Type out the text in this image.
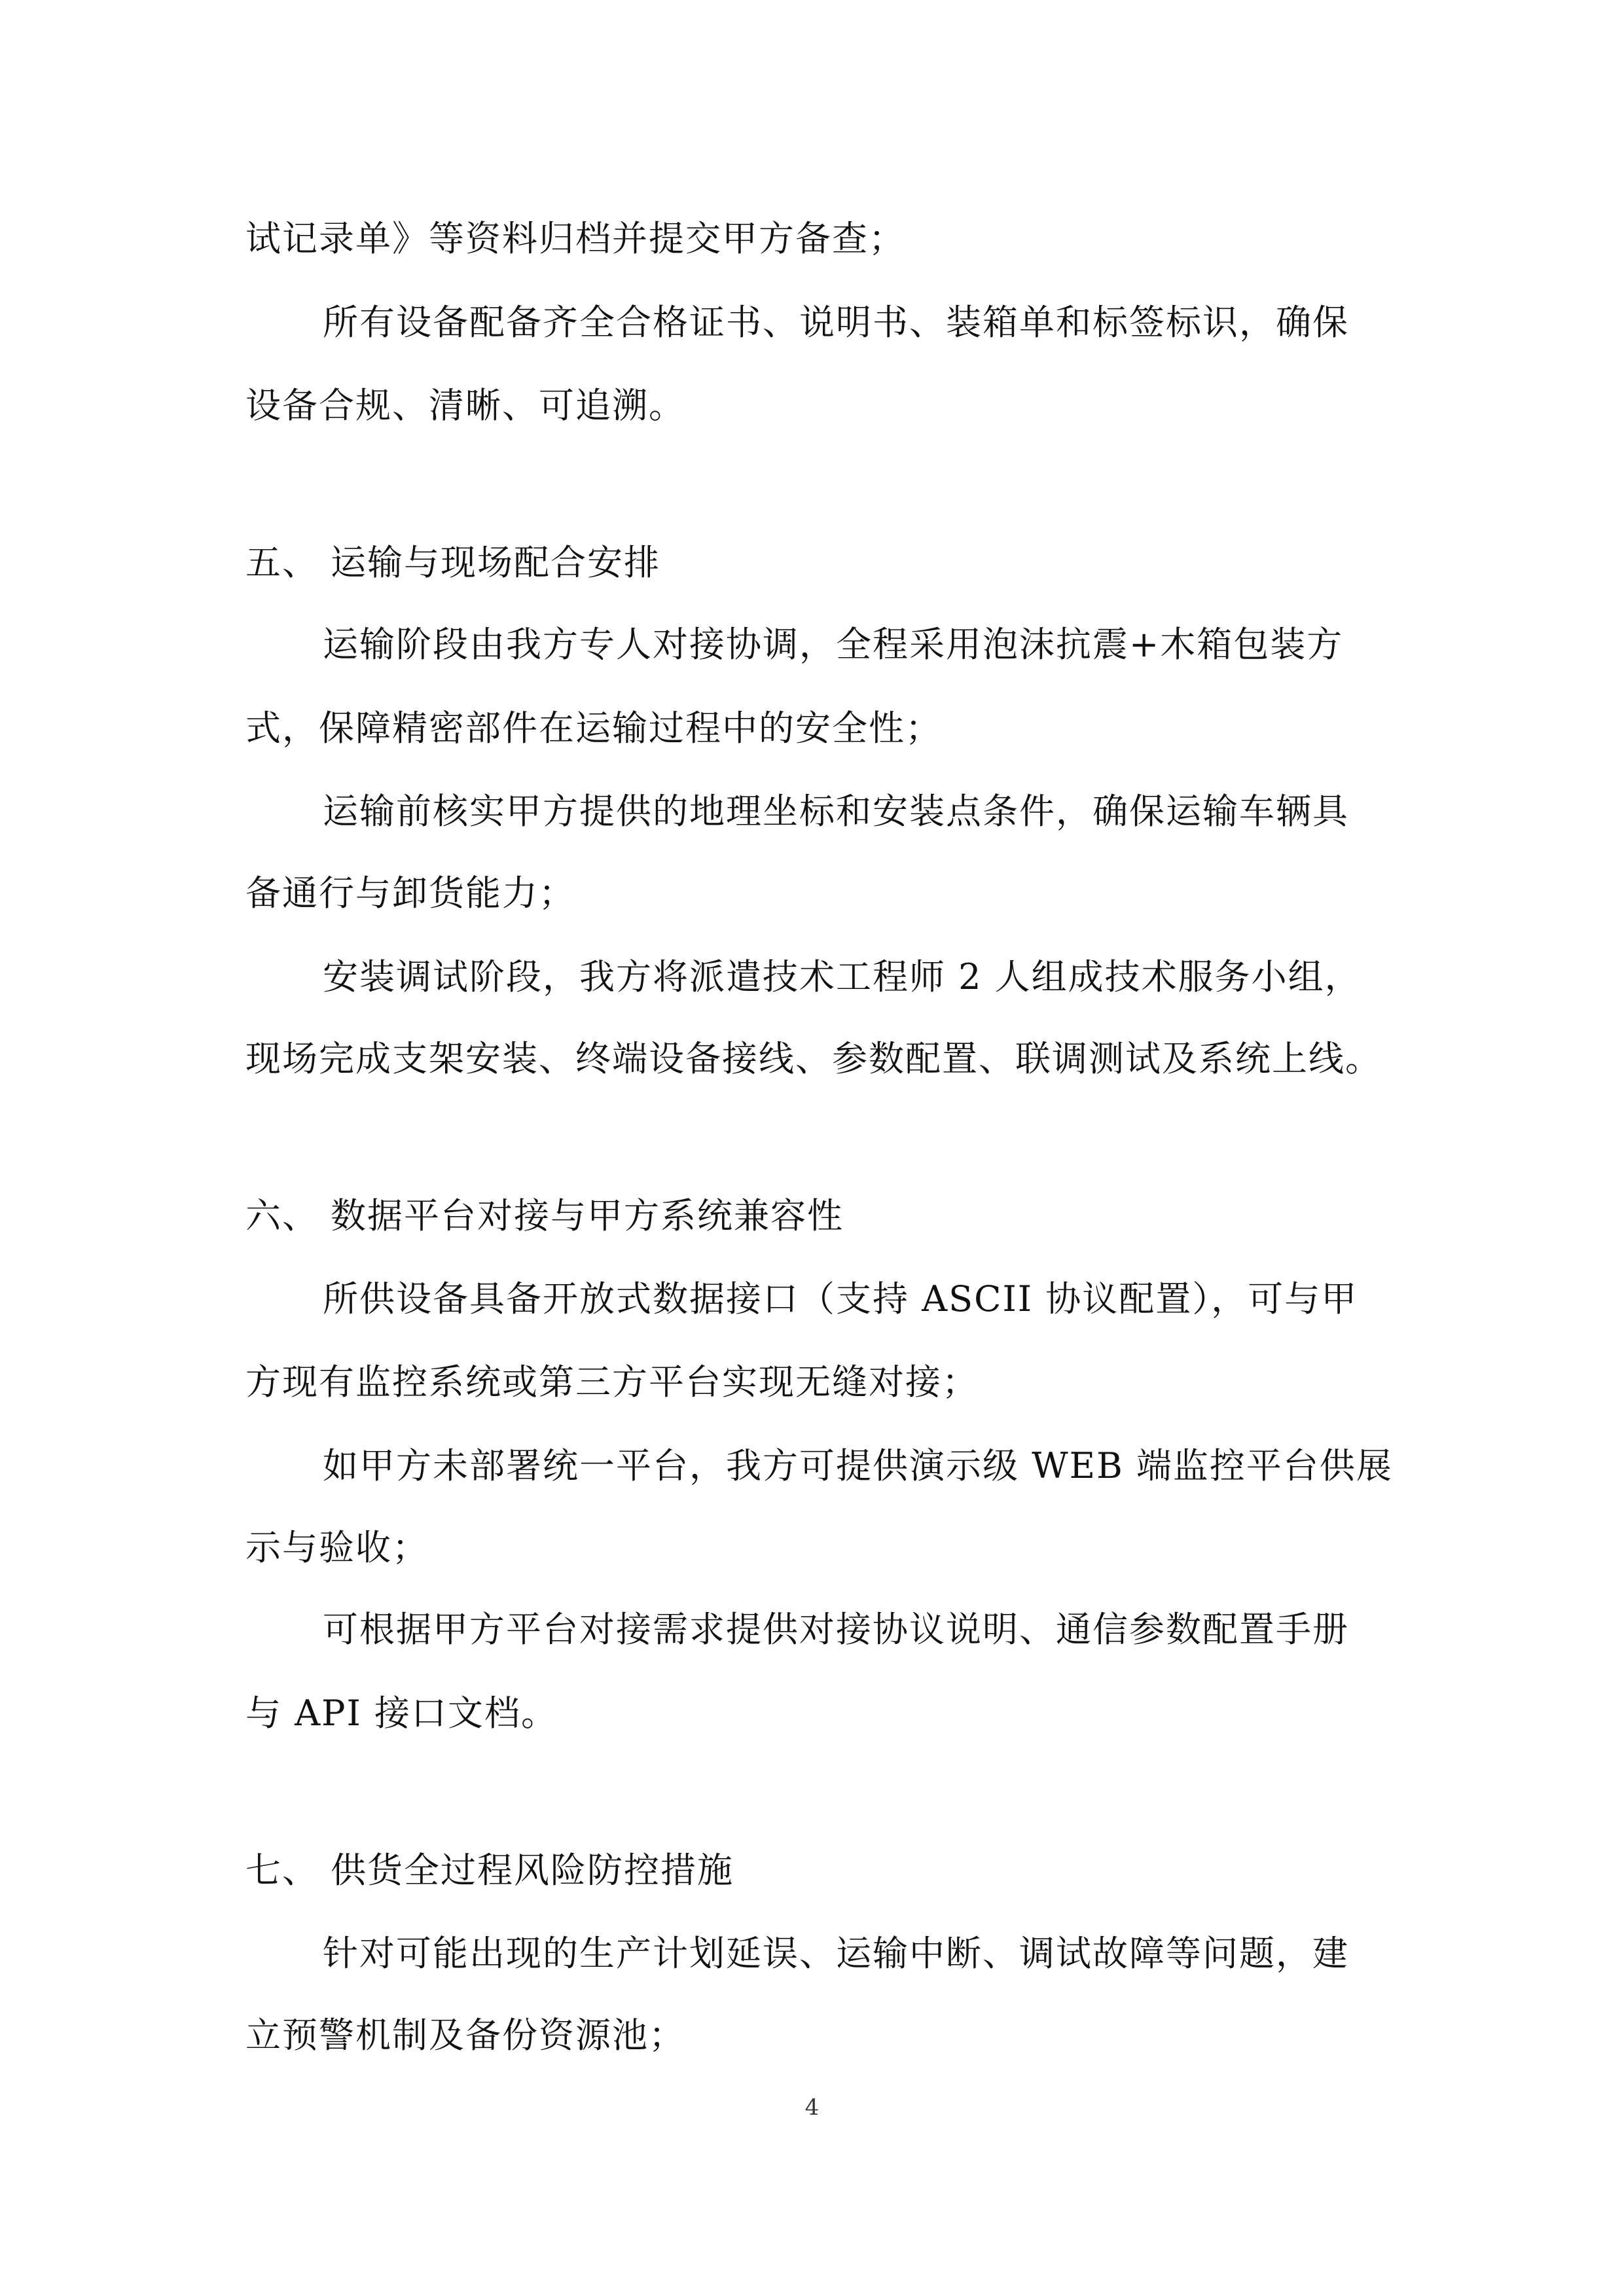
试记录单》等资料归档并提交甲方备查；
所有设备配备齐全合格证书、说明书、装箱单和标签标识，确保
设备合规、清晰、可追溯。
五、 运输与现场配合安排
运输阶段由我方专人对接协调，全程采用泡沫抗震+木箱包装方
式，保障精密部件在运输过程中的安全性；
运输前核实甲方提供的地理坐标和安装点条件，确保运输车辆具
备通行与卸货能力；
安装调试阶段，我方将派遣技术工程师 2 人组成技术服务小组，
现场完成支架安装、终端设备接线、参数配置、联调测试及系统上线。
六、 数据平台对接与甲方系统兼容性
所供设备具备开放式数据接口（支持 ASCII 协议配置），可与甲
方现有监控系统或第三方平台实现无缝对接；
如甲方未部署统一平台，我方可提供演示级 WEB 端监控平台供展
示与验收；
可根据甲方平台对接需求提供对接协议说明、通信参数配置手册
与 API 接口文档。
七、 供货全过程风险防控措施
针对可能出现的生产计划延误、运输中断、调试故障等问题，建
立预警机制及备份资源池；
4
